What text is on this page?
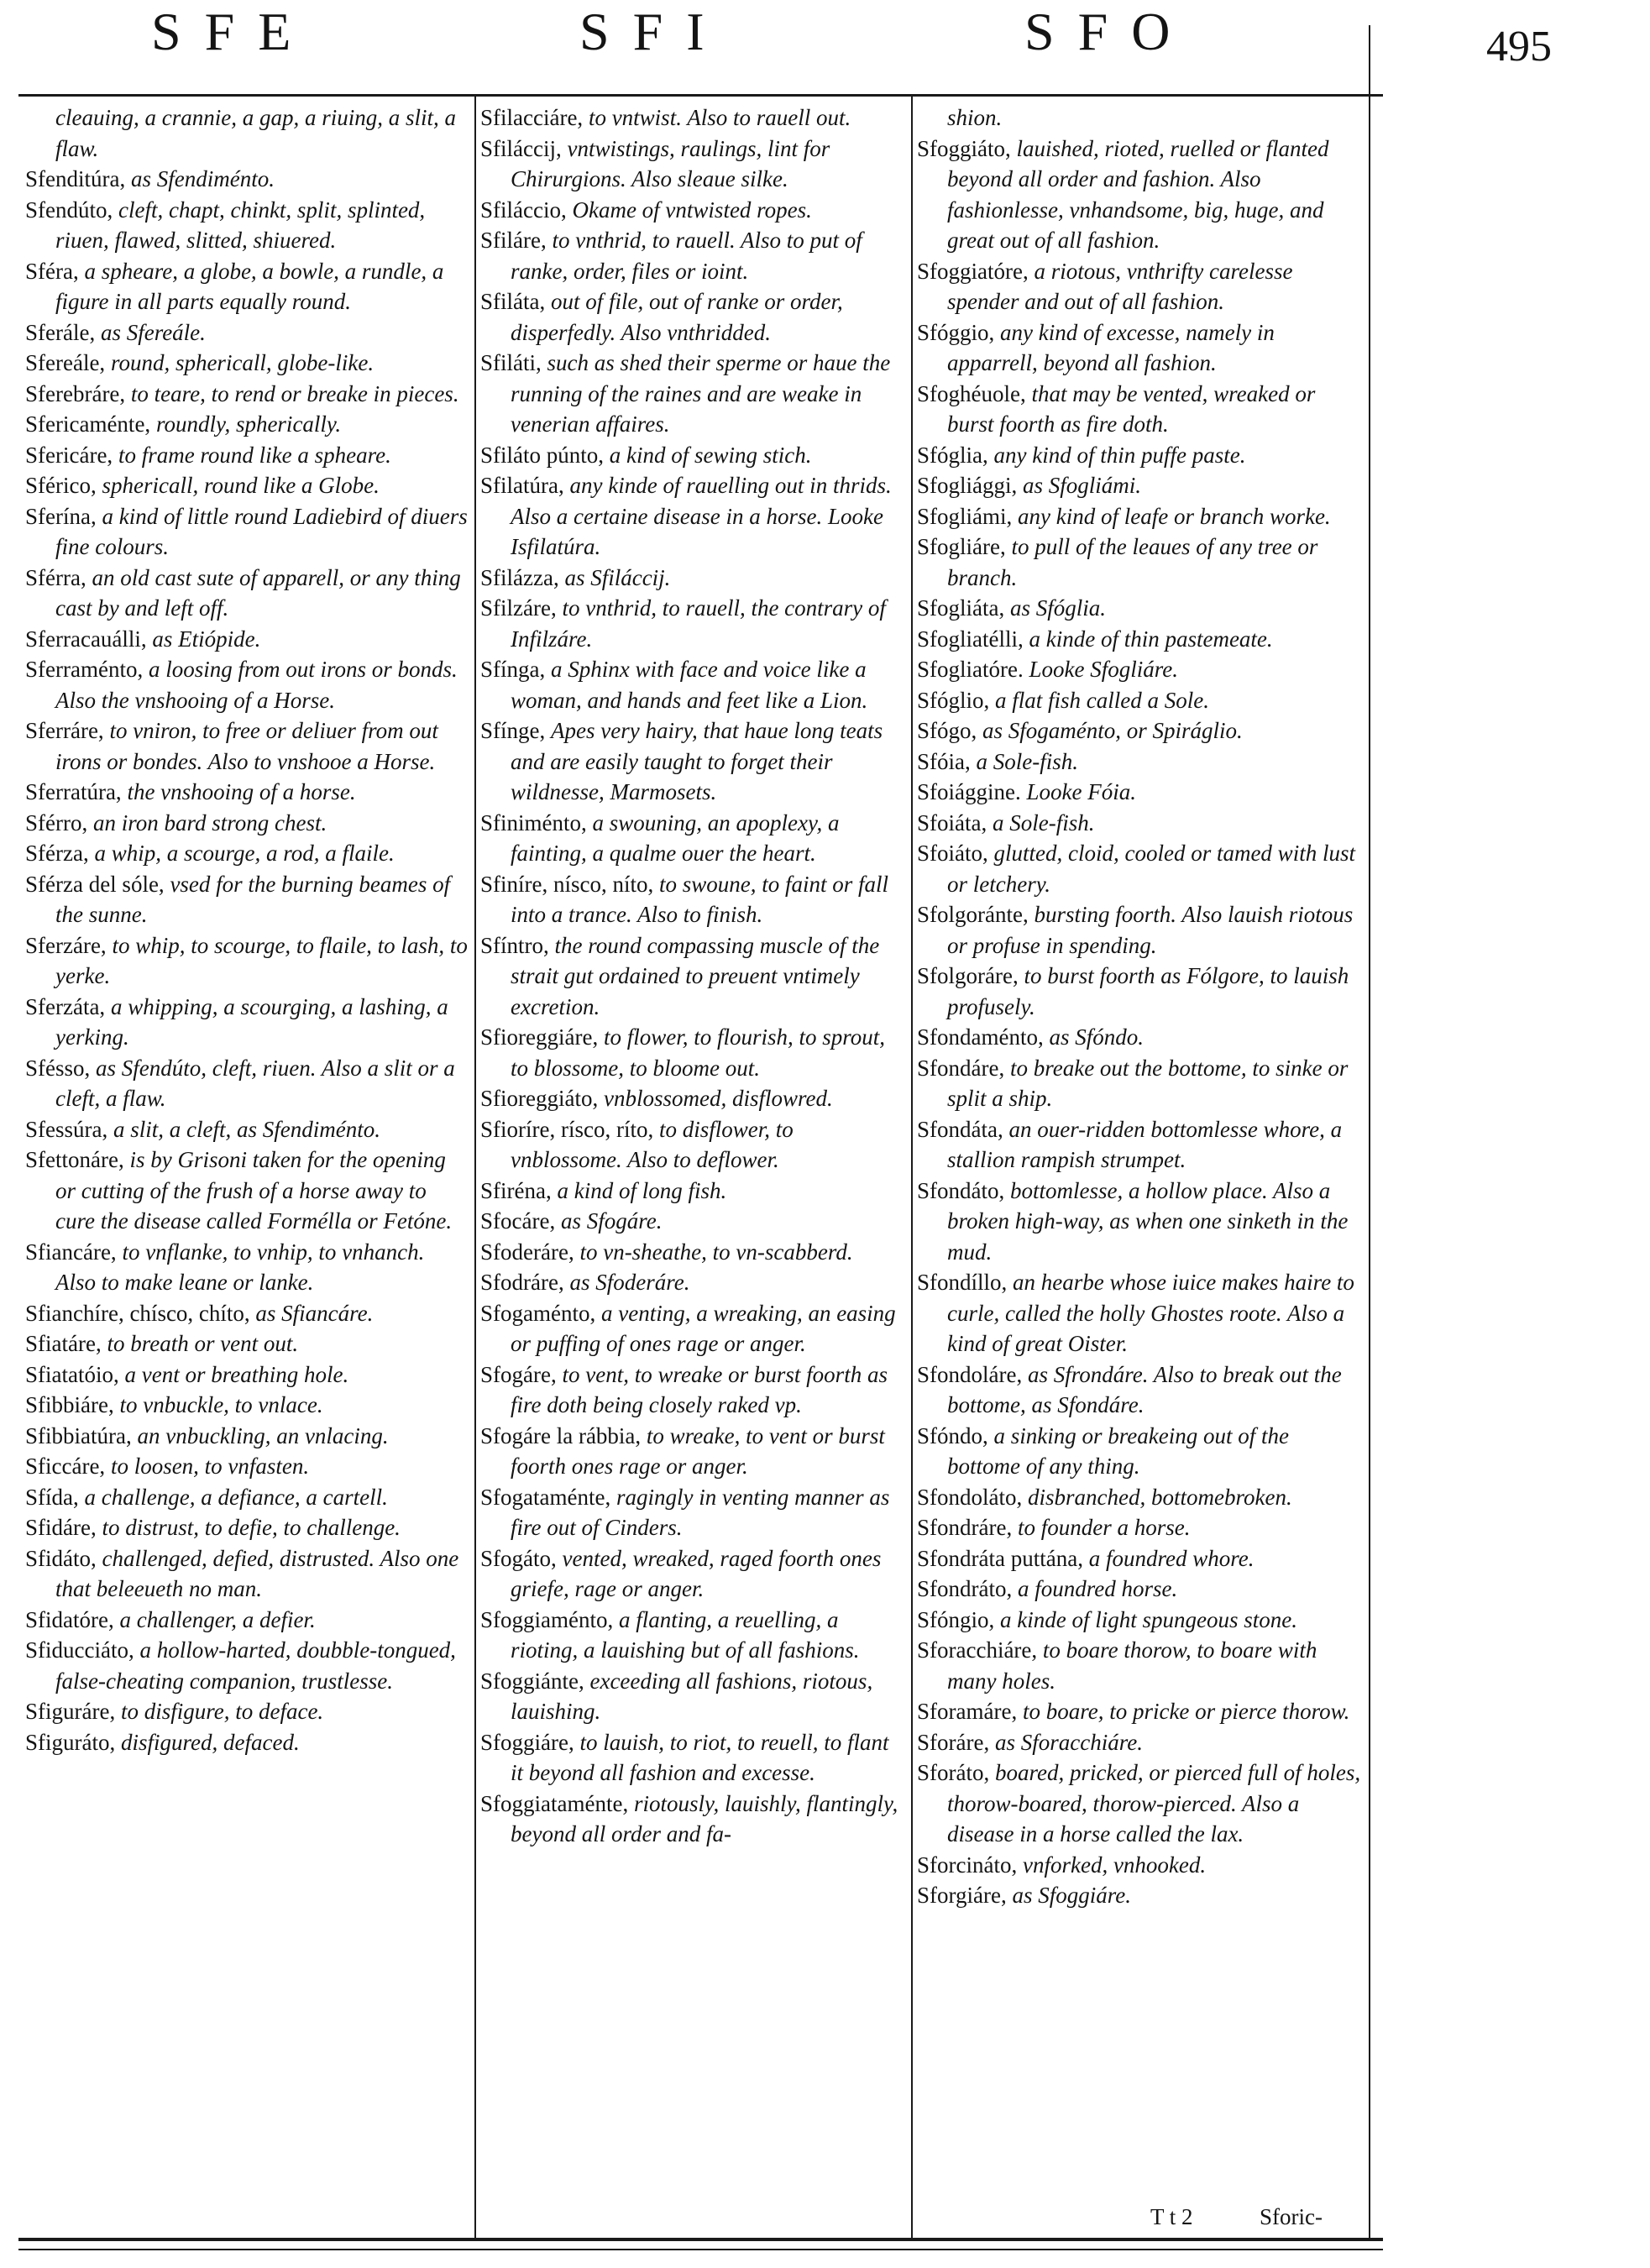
SFE	SFI	SFO	495

cleauing, a crannie, a gap, a riuing, a slit, a flaw.

Sfenditúra, as Sfendiménto.

Sfendúto, cleft, chapt, chinkt, split, splinted, riuen, flawed, slitted, shiuered.

Sféra, a spheare, a globe, a bowle, a rundle, a figure in all parts equally round.

Sferále, as Sfereále.

Sfereále, round, sphericall, globe-like.

Sferebráre, to teare, to rend or breake in pieces.

Sfericaménte, roundly, spherically.

Sfericáre, to frame round like a spheare.

Sférico, sphericall, round like a Globe.

Sferína, a kind of little round Ladiebird of diuers fine colours.

Sférra, an old cast sute of apparell, or any thing cast by and left off.

Sferracauálli, as Etiópide.

Sferraménto, a loosing from out irons or bonds. Also the vnshooing of a Horse.

Sferráre, to vniron, to free or deliuer from out irons or bondes. Also to vnshooe a Horse.

Sferratúra, the vnshooing of a horse.

Sférro, an iron bard strong chest.

Sférza, a whip, a scourge, a rod, a flaile.

Sférza del sóle, vsed for the burning beames of the sunne.

Sferzáre, to whip, to scourge, to flaile, to lash, to yerke.

Sferzáta, a whipping, a scourging, a lashing, a yerking.

Sfésso, as Sfendúto, cleft, riuen. Also a slit or a cleft, a flaw.

Sfessúra, a slit, a cleft, as Sfendiménto.

Sfettonáre, is by Grisoni taken for the opening or cutting of the frush of a horse away to cure the disease called Formélla or Fetóne.

Sfiancáre, to vnflanke, to vnhip, to vnhanch. Also to make leane or lanke.

Sfianchíre, chísco, chíto, as Sfiancáre.

Sfiatáre, to breath or vent out.

Sfiatatóio, a vent or breathing hole.

Sfibbiáre, to vnbuckle, to vnlace.

Sfibbiatúra, an vnbuckling, an vnlacing.

Sficcáre, to loosen, to vnfasten.

Sfída, a challenge, a defiance, a cartell.

Sfidáre, to distrust, to defie, to challenge.

Sfidáto, challenged, defied, distrusted. Also one that beleeueth no man.

Sfidatóre, a challenger, a defier.

Sfiducciáto, a hollow-harted, doubble-tongued, false-cheating companion, trustlesse.

Sfiguráre, to disfigure, to deface.

Sfiguráto, disfigured, defaced.

Sfilacciáre, to vntwist. Also to rauell out.

Sfiláccij, vntwistings, raulings, lint for Chirurgions. Also sleaue silke.

Sfiláccio, Okame of vntwisted ropes.

Sfiláre, to vnthrid, to rauell. Also to put of ranke, order, files or ioint.

Sfiláta, out of file, out of ranke or order, disperfedly. Also vnthridded.

Sfiláti, such as shed their sperme or haue the running of the raines and are weake in venerian affaires.

Sfiláto púnto, a kind of sewing stich.

Sfilatúra, any kinde of rauelling out in thrids. Also a certaine disease in a horse. Looke Isfilatúra.

Sfilázza, as Sfiláccij.

Sfilzáre, to vnthrid, to rauell, the contrary of Infilzáre.

Sfínga, a Sphinx with face and voice like a woman, and hands and feet like a Lion.

Sfínge, Apes very hairy, that haue long teats and are easily taught to forget their wildnesse, Marmosets.

Sfiniménto, a swouning, an apoplexy, a fainting, a qualme ouer the heart.

Sfiníre, nísco, níto, to swoune, to faint or fall into a trance. Also to finish.

Sfíntro, the round compassing muscle of the strait gut ordained to preuent vntimely excretion.

Sfioreggiáre, to flower, to flourish, to sprout, to blossome, to bloome out.

Sfioreggiáto, vnblossomed, disflowred.

Sfioríre, rísco, ríto, to disflower, to vnblossome. Also to deflower.

Sfiréna, a kind of long fish.

Sfocáre, as Sfogáre.

Sfoderáre, to vn-sheathe, to vn-scabberd.

Sfodráre, as Sfoderáre.

Sfogaménto, a venting, a wreaking, an easing or puffing of ones rage or anger.

Sfogáre, to vent, to wreake or burst foorth as fire doth being closely raked vp.

Sfogáre la rábbia, to wreake, to vent or burst foorth ones rage or anger.

Sfogataménte, ragingly in venting manner as fire out of Cinders.

Sfogáto, vented, wreaked, raged foorth ones griefe, rage or anger.

Sfoggiaménto, a flanting, a reuelling, a rioting, a lauishing but of all fashions.

Sfoggiánte, exceeding all fashions, riotous, lauishing.

Sfoggiáre, to lauish, to riot, to reuell, to flant it beyond all fashion and excesse.

Sfoggiataménte, riotously, lauishly, flantingly, beyond all order and fa-

shion.

Sfoggiáto, lauished, rioted, ruelled or flanted beyond all order and fashion. Also fashionlesse, vnhandsome, big, huge, and great out of all fashion.

Sfoggiatóre, a riotous, vnthrifty carelesse spender and out of all fashion.

Sfóggio, any kind of excesse, namely in apparrell, beyond all fashion.

Sfoghéuole, that may be vented, wreaked or burst foorth as fire doth.

Sfóglia, any kind of thin puffe paste.

Sfogliággi, as Sfogliámi.

Sfogliámi, any kind of leafe or branch worke.

Sfogliáre, to pull of the leaues of any tree or branch.

Sfogliáta, as Sfóglia.

Sfogliatélli, a kinde of thin pastemeate.

Sfogliatóre. Looke Sfogliáre.

Sfóglio, a flat fish called a Sole.

Sfógo, as Sfogaménto, or Spiráglio.

Sfóia, a Sole-fish.

Sfoiággine. Looke Fóia.

Sfoiáta, a Sole-fish.

Sfoiáto, glutted, cloid, cooled or tamed with lust or letchery.

Sfolgoránte, bursting foorth. Also lauish riotous or profuse in spending.

Sfolgoráre, to burst foorth as Fólgore, to lauish profusely.

Sfondaménto, as Sfóndo.

Sfondáre, to breake out the bottome, to sinke or split a ship.

Sfondáta, an ouer-ridden bottomlesse whore, a stallion rampish strumpet.

Sfondáto, bottomlesse, a hollow place. Also a broken high-way, as when one sinketh in the mud.

Sfondíllo, an hearbe whose iuice makes haire to curle, called the holly Ghostes roote. Also a kind of great Oister.

Sfondoláre, as Sfrondáre. Also to break out the bottome, as Sfondáre.

Sfóndo, a sinking or breakeing out of the bottome of any thing.

Sfondoláto, disbranched, bottomebroken.

Sfondráre, to founder a horse.

Sfondráta puttána, a foundred whore.

Sfondráto, a foundred horse.

Sfóngio, a kinde of light spungeous stone.

Sforacchiáre, to boare thorow, to boare with many holes.

Sforamáre, to boare, to pricke or pierce thorow.

Sforáre, as Sforacchiáre.

Sforáto, boared, pricked, or pierced full of holes, thorow-boared, thorow-pierced. Also a disease in a horse called the lax.

Sforcináto, vnforked, vnhooked.

Sforgiáre, as Sfoggiáre.

T t 2	Sforic-
